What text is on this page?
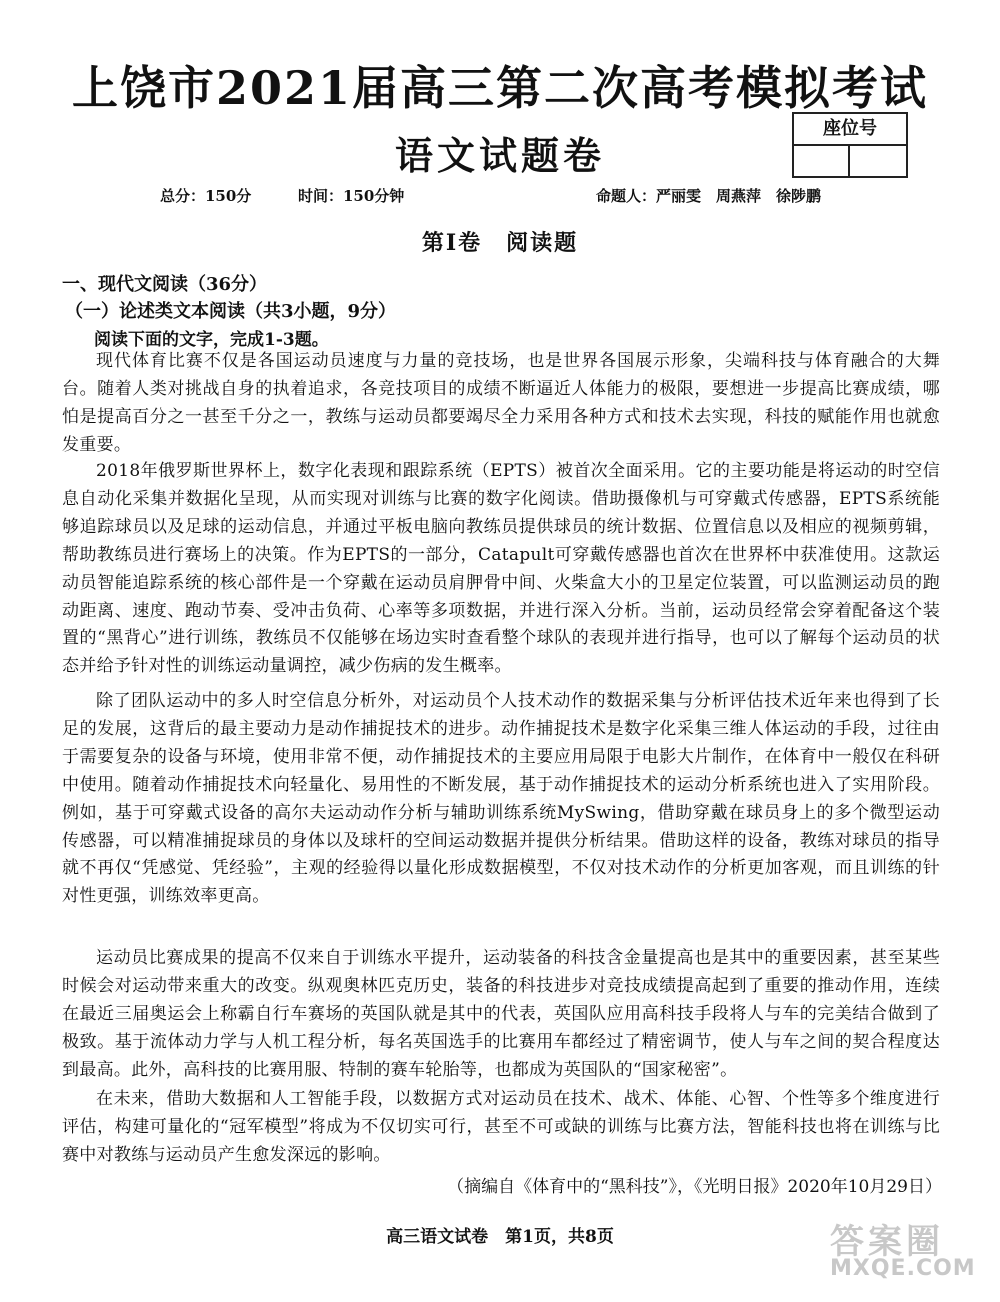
上饶市2021届高三第二次高考模拟考试
语文试题卷
座位号
总分：150分	时间：150分钟	命题人：严丽雯　周燕萍　徐陟鹏
第Ⅰ卷　阅读题
一、现代文阅读（36分）
（一）论述类文本阅读（共3小题，9分）
阅读下面的文字，完成1-3题。
现代体育比赛不仅是各国运动员速度与力量的竞技场，也是世界各国展示形象，尖端科技与体育融合的大舞台。随着人类对挑战自身的执着追求，各竞技项目的成绩不断逼近人体能力的极限，要想进一步提高比赛成绩，哪怕是提高百分之一甚至千分之一，教练与运动员都要竭尽全力采用各种方式和技术去实现，科技的赋能作用也就愈发重要。
2018年俄罗斯世界杯上，数字化表现和跟踪系统（EPTS）被首次全面采用。它的主要功能是将运动的时空信息自动化采集并数据化呈现，从而实现对训练与比赛的数字化阅读。借助摄像机与可穿戴式传感器，EPTS系统能够追踪球员以及足球的运动信息，并通过平板电脑向教练员提供球员的统计数据、位置信息以及相应的视频剪辑，帮助教练员进行赛场上的决策。作为EPTS的一部分，Catapult可穿戴传感器也首次在世界杯中获准使用。这款运动员智能追踪系统的核心部件是一个穿戴在运动员肩胛骨中间、火柴盒大小的卫星定位装置，可以监测运动员的跑动距离、速度、跑动节奏、受冲击负荷、心率等多项数据，并进行深入分析。当前，运动员经常会穿着配备这个装置的“黑背心”进行训练，教练员不仅能够在场边实时查看整个球队的表现并进行指导，也可以了解每个运动员的状态并给予针对性的训练运动量调控，减少伤病的发生概率。
除了团队运动中的多人时空信息分析外，对运动员个人技术动作的数据采集与分析评估技术近年来也得到了长足的发展，这背后的最主要动力是动作捕捉技术的进步。动作捕捉技术是数字化采集三维人体运动的手段，过往由于需要复杂的设备与环境，使用非常不便，动作捕捉技术的主要应用局限于电影大片制作，在体育中一般仅在科研中使用。随着动作捕捉技术向轻量化、易用性的不断发展，基于动作捕捉技术的运动分析系统也进入了实用阶段。例如，基于可穿戴式设备的高尔夫运动动作分析与辅助训练系统MySwing，借助穿戴在球员身上的多个微型运动传感器，可以精准捕捉球员的身体以及球杆的空间运动数据并提供分析结果。借助这样的设备，教练对球员的指导就不再仅“凭感觉、凭经验”，主观的经验得以量化形成数据模型，不仅对技术动作的分析更加客观，而且训练的针对性更强，训练效率更高。
运动员比赛成果的提高不仅来自于训练水平提升，运动装备的科技含金量提高也是其中的重要因素，甚至某些时候会对运动带来重大的改变。纵观奥林匹克历史，装备的科技进步对竞技成绩提高起到了重要的推动作用，连续在最近三届奥运会上称霸自行车赛场的英国队就是其中的代表，英国队应用高科技手段将人与车的完美结合做到了极致。基于流体动力学与人机工程分析，每名英国选手的比赛用车都经过了精密调节，使人与车之间的契合程度达到最高。此外，高科技的比赛用服、特制的赛车轮胎等，也都成为英国队的“国家秘密”。
在未来，借助大数据和人工智能手段，以数据方式对运动员在技术、战术、体能、心智、个性等多个维度进行评估，构建可量化的“冠军模型”将成为不仅切实可行，甚至不可或缺的训练与比赛方法，智能科技也将在训练与比赛中对教练与运动员产生愈发深远的影响。
（摘编自《体育中的“黑科技”》，《光明日报》2020年10月29日）
高三语文试卷　第1页，共8页	答案圈
MXQE.COM
